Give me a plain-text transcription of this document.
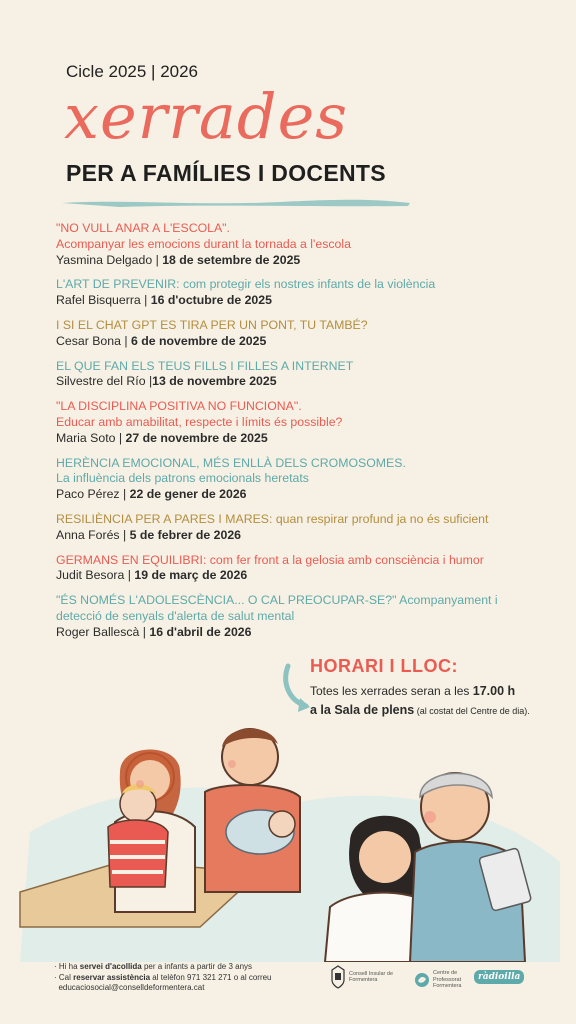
Cicle 2025 | 2026
xerrades
PER A FAMÍLIES I DOCENTS
"NO VULL ANAR A L'ESCOLA".
Acompanyar les emocions durant la tornada a l'escola
Yasmina Delgado | 18 de setembre de 2025
L'ART DE PREVENIR: com protegir els nostres infants de la violència
Rafel Bisquerra | 16 d'octubre de 2025
I SI EL CHAT GPT ES TIRA PER UN PONT, TU TAMBÉ?
Cesar Bona | 6 de novembre de 2025
EL QUE FAN ELS TEUS FILLS I FILLES A INTERNET
Silvestre del Río |13 de novembre 2025
"LA DISCIPLINA POSITIVA NO FUNCIONA".
Educar amb amabilitat, respecte i límits és possible?
Maria Soto | 27 de novembre de 2025
HERÈNCIA EMOCIONAL, MÉS ENLLÀ DELS CROMOSOMES.
La influència dels patrons emocionals heretats
Paco Pérez | 22 de gener de 2026
RESILIÈNCIA PER A PARES I MARES: quan respirar profund ja no és suficient
Anna Forés | 5 de febrer de 2026
GERMANS EN EQUILIBRI: com fer front a la gelosia amb consciència i humor
Judit Besora | 19 de març de 2026
"ÉS NOMÉS L'ADOLESCÈNCIA... O CAL PREOCUPAR-SE?" Acompanyament i
detecció de senyals d'alerta de salut mental
Roger Ballescà | 16 d'abril de 2026
HORARI I LLOC:
Totes les xerrades seran a les 17.00 h
a la Sala de plens (al costat del Centre de dia).
· Hi ha servei d'acollida per a infants a partir de 3 anys
· Cal reservar assistència al telèfon 971 321 271 o al correu
educaciosocial@conselldeformentera.cat
Consell Insular de Formentera
Centre de Professorat Formentera
ràdioilla
